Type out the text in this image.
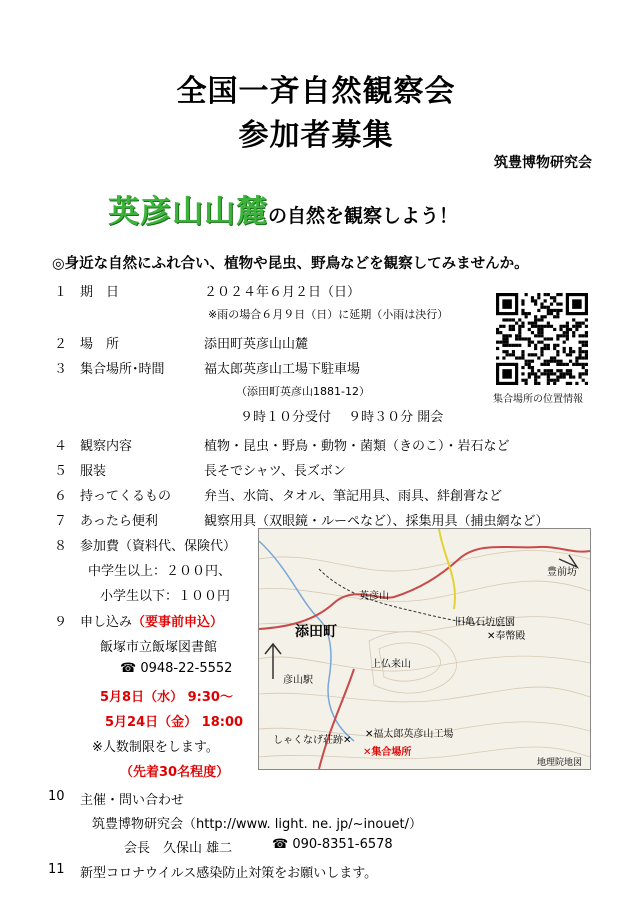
全国一斉自然観察会
参加者募集
筑豊博物研究会
英彦山山麓の自然を観察しよう！
◎身近な自然にふれ合い、植物や昆虫、野鳥などを観察してみませんか。
１ 期　日	２０２４年６月２日（日）
※雨の場合６月９日（日）に延期（小雨は決行）
２ 場　所	添田町英彦山山麓
３ 集合場所･時間	福太郎英彦山工場下駐車場
（添田町英彦山1881-12）
９時１０分受付　 ９時３０分 開会
４ 観察内容	植物・昆虫・野鳥・動物・菌類（きのこ）・岩石など
５ 服装	長そでシャツ、長ズボン
６ 持ってくるもの	弁当、水筒、タオル、筆記用具、雨具、絆創膏など
７ あったら便利	観察用具（双眼鏡・ルーペなど）、採集用具（捕虫網など）
８ 参加費（資料代、保険代）
中学生以上：２００円、
小学生以下：１００円
９ 申し込み（要事前申込）
飯塚市立飯塚図書館
☎ 0948-22-5552
5月8日（水） 9:30～
5月24日（金） 18:00
※人数制限をします。
（先着30名程度）
10 主催・問い合わせ
筑豊博物研究会（http://www. light. ne. jp/~inouet/）
会長　久保山 雄二	☎ 090-8351-6578
11 新型コロナウイルス感染防止対策をお願いします。
集合場所の位置情報
添田町
英彦山
旧亀石坊庭園
✕奉幣殿
上仏来山
彦山駅
✕福太郎英彦山工場
しゃくなげ荘跡✕
✕集合場所
豊前坊
地理院地図
